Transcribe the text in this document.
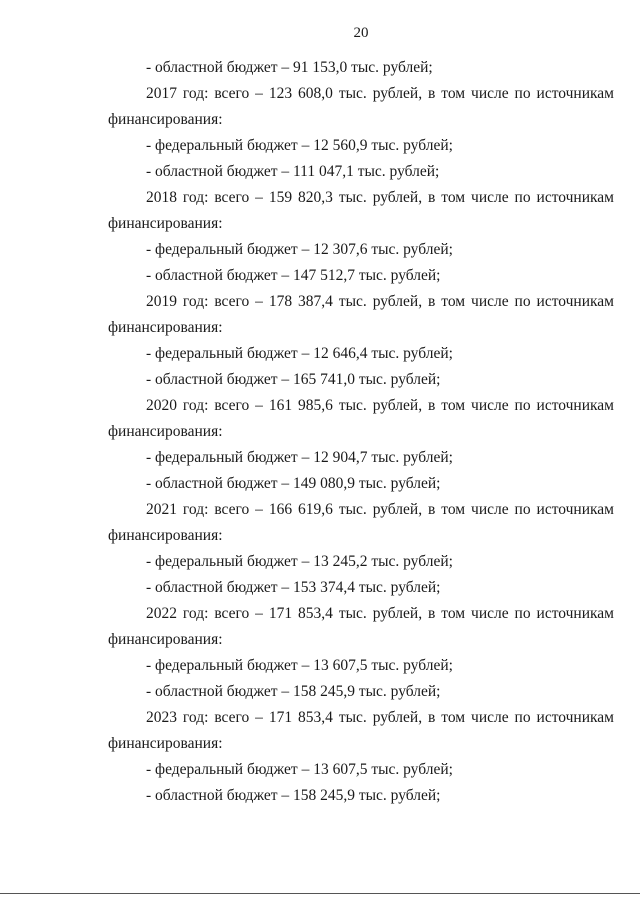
20
- областной бюджет – 91 153,0 тыс. рублей;
2017 год: всего – 123 608,0 тыс. рублей, в том числе по источникам
финансирования:
- федеральный бюджет – 12 560,9 тыс. рублей;
- областной бюджет – 111 047,1 тыс. рублей;
2018 год: всего – 159 820,3 тыс. рублей, в том числе по источникам
финансирования:
- федеральный бюджет – 12 307,6 тыс. рублей;
- областной бюджет – 147 512,7 тыс. рублей;
2019 год: всего – 178 387,4 тыс. рублей, в том числе по источникам
финансирования:
- федеральный бюджет – 12 646,4 тыс. рублей;
- областной бюджет – 165 741,0 тыс. рублей;
2020 год: всего – 161 985,6 тыс. рублей, в том числе по источникам
финансирования:
- федеральный бюджет – 12 904,7 тыс. рублей;
- областной бюджет – 149 080,9 тыс. рублей;
2021 год: всего – 166 619,6 тыс. рублей, в том числе по источникам
финансирования:
- федеральный бюджет – 13 245,2 тыс. рублей;
- областной бюджет – 153 374,4 тыс. рублей;
2022 год: всего – 171 853,4 тыс. рублей, в том числе по источникам
финансирования:
- федеральный бюджет – 13 607,5 тыс. рублей;
- областной бюджет – 158 245,9 тыс. рублей;
2023 год: всего – 171 853,4 тыс. рублей, в том числе по источникам
финансирования:
- федеральный бюджет – 13 607,5 тыс. рублей;
- областной бюджет – 158 245,9 тыс. рублей;
